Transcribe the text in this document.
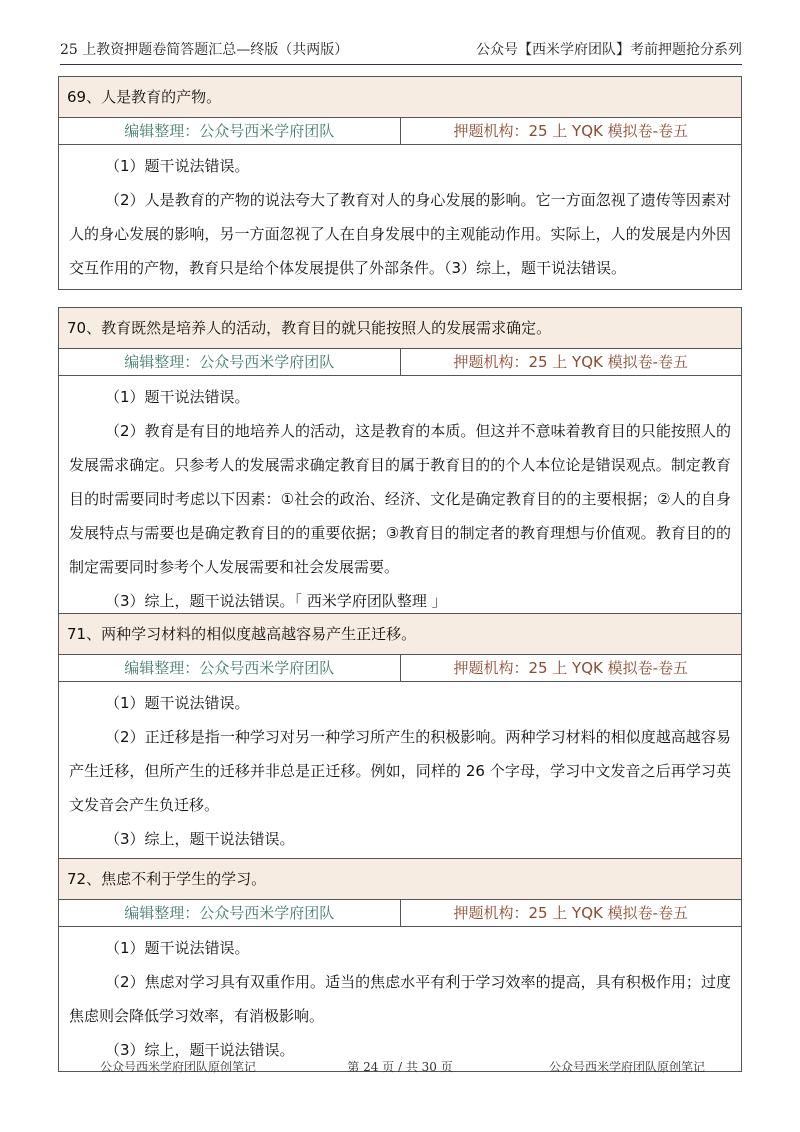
25 上教资押题卷简答题汇总—终版（共两版）	公众号【西米学府团队】考前押题抢分系列
69、人是教育的产物。
编辑整理：公众号西米学府团队	押题机构：25 上 YQK 模拟卷-卷五

（1）题干说法错误。

（2）人是教育的产物的说法夸大了教育对人的身心发展的影响。它一方面忽视了遗传等因素对人的身心发展的影响，另一方面忽视了人在自身发展中的主观能动作用。实际上，人的发展是内外因交互作用的产物，教育只是给个体发展提供了外部条件。（3）综上，题干说法错误。

70、教育既然是培养人的活动，教育目的就只能按照人的发展需求确定。
编辑整理：公众号西米学府团队	押题机构：25 上 YQK 模拟卷-卷五

（1）题干说法错误。

（2）教育是有目的地培养人的活动，这是教育的本质。但这并不意味着教育目的只能按照人的发展需求确定。只参考人的发展需求确定教育目的属于教育目的的个人本位论是错误观点。制定教育目的时需要同时考虑以下因素：①社会的政治、经济、文化是确定教育目的的主要根据；②人的自身发展特点与需要也是确定教育目的的重要依据；③教育目的制定者的教育理想与价值观。教育目的的制定需要同时参考个人发展需要和社会发展需要。

（3）综上，题干说法错误。「 西米学府团队整理 」

71、两种学习材料的相似度越高越容易产生正迁移。
编辑整理：公众号西米学府团队	押题机构：25 上 YQK 模拟卷-卷五

（1）题干说法错误。

（2）正迁移是指一种学习对另一种学习所产生的积极影响。两种学习材料的相似度越高越容易产生迁移，但所产生的迁移并非总是正迁移。例如，同样的 26 个字母，学习中文发音之后再学习英文发音会产生负迁移。

（3）综上，题干说法错误。

72、焦虑不利于学生的学习。
编辑整理：公众号西米学府团队	押题机构：25 上 YQK 模拟卷-卷五

（1）题干说法错误。

（2）焦虑对学习具有双重作用。适当的焦虑水平有利于学习效率的提高，具有积极作用；过度焦虑则会降低学习效率，有消极影响。

（3）综上，题干说法错误。

公众号西米学府团队原创笔记	第 24 页 / 共 30 页	公众号西米学府团队原创笔记
